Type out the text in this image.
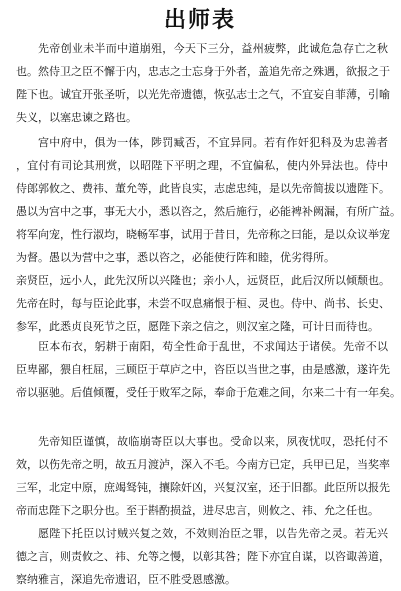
出师表
先帝创业未半而中道崩殂，今天下三分，益州疲弊，此诚危急存亡之秋
也。然侍卫之臣不懈于内，忠志之士忘身于外者，盖追先帝之殊遇，欲报之于
陛下也。诚宜开张圣听，以光先帝遗德，恢弘志士之气，不宜妄自菲薄，引喻
失义，以塞忠谏之路也。
宫中府中，俱为一体，陟罚臧否，不宜异同。若有作奸犯科及为忠善者
，宜付有司论其刑赏，以昭陛下平明之理，不宜偏私，使内外异法也。侍中
侍郎郭攸之、费祎、董允等，此皆良实，志虑忠纯，是以先帝简拔以遗陛下。
愚以为宫中之事，事无大小，悉以咨之，然后施行，必能裨补阙漏，有所广益。
将军向宠，性行淑均，晓畅军事，试用于昔日，先帝称之曰能，是以众议举宠
为督。愚以为营中之事，悉以咨之，必能使行阵和睦，优劣得所。
亲贤臣，远小人，此先汉所以兴隆也；亲小人，远贤臣，此后汉所以倾颓也。
先帝在时，每与臣论此事，未尝不叹息痛恨于桓、灵也。侍中、尚书、长史、
参军，此悉贞良死节之臣，愿陛下亲之信之，则汉室之隆，可计日而待也。
臣本布衣，躬耕于南阳，苟全性命于乱世，不求闻达于诸侯。先帝不以
臣卑鄙，猥自枉屈，三顾臣于草庐之中，咨臣以当世之事，由是感激，遂许先
帝以驱驰。后值倾覆，受任于败军之际，奉命于危难之间，尔来二十有一年矣。
先帝知臣谨慎，故临崩寄臣以大事也。受命以来，夙夜忧叹，恐托付不
效，以伤先帝之明，故五月渡泸，深入不毛。今南方已定，兵甲已足，当奖率
三军，北定中原，庶竭驽钝，攘除奸凶，兴复汉室，还于旧都。此臣所以报先
帝而忠陛下之职分也。至于斟酌损益，进尽忠言，则攸之、祎、允之任也。
愿陛下托臣以讨贼兴复之效，不效则治臣之罪，以告先帝之灵。若无兴
德之言，则责攸之、祎、允等之慢，以彰其咎；陛下亦宜自谋，以咨诹善道，
察纳雅言，深追先帝遗诏，臣不胜受恩感激。
